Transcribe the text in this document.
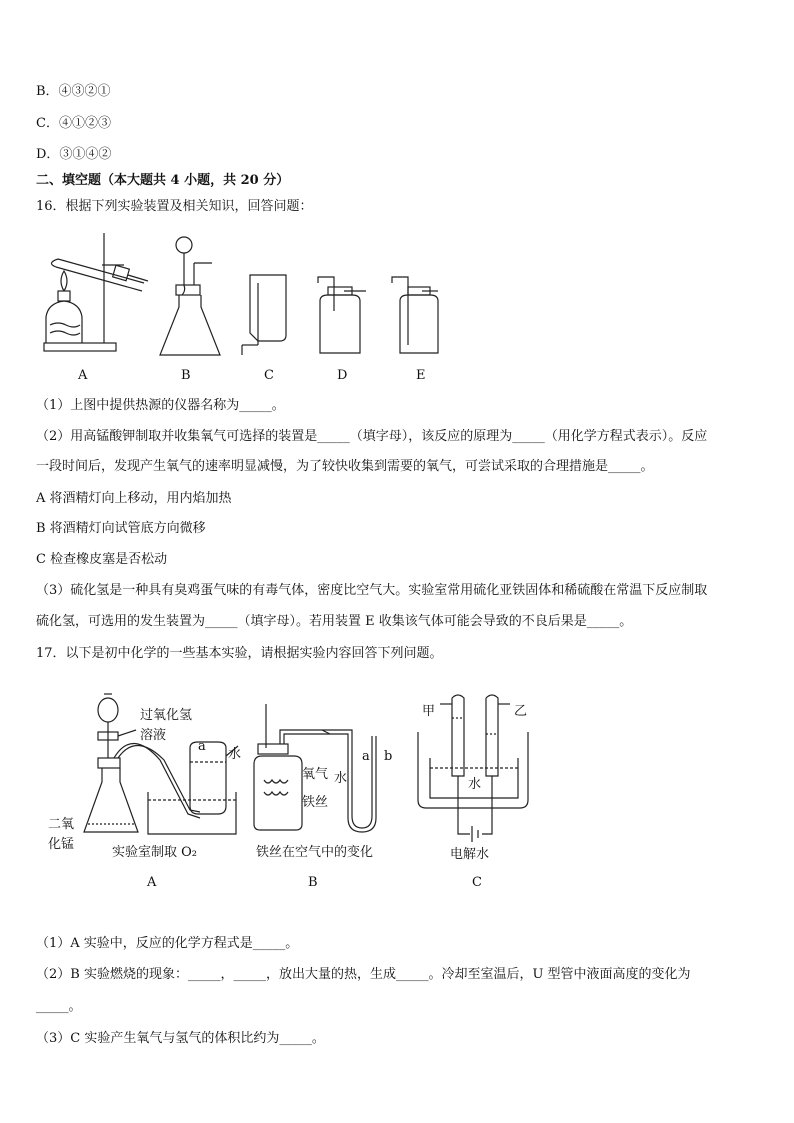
B．④③②①
C．④①②③
D．③①④②
二、填空题（本大题共 4 小题，共 20 分）
16．根据下列实验装置及相关知识，回答问题：
A	B	C	D	E
（1）上图中提供热源的仪器名称为_____。
（2）用高锰酸钾制取并收集氧气可选择的装置是_____（填字母），该反应的原理为_____（用化学方程式表示）。反应
一段时间后，发现产生氧气的速率明显减慢，为了较快收集到需要的氧气，可尝试采取的合理措施是_____。
A 将酒精灯向上移动，用内焰加热
B 将酒精灯向试管底方向微移
C 检查橡皮塞是否松动
（3）硫化氢是一种具有臭鸡蛋气味的有毒气体，密度比空气大。实验室常用硫化亚铁固体和稀硫酸在常温下反应制取
硫化氢，可选用的发生装置为_____（填字母）。若用装置 E 收集该气体可能会导致的不良后果是_____。
17．以下是初中化学的一些基本实验，请根据实验内容回答下列问题。
过氧化氢
溶液
a
水
二氧
化锰
实验室制取 O₂
A
氧气 水
铁丝
a b
铁丝在空气中的变化
B
甲	乙
水
电解水
C
（1）A 实验中，反应的化学方程式是_____。
（2）B 实验燃烧的现象：_____，_____，放出大量的热，生成_____。冷却至室温后，U 型管中液面高度的变化为
_____。
（3）C 实验产生氧气与氢气的体积比约为_____。
